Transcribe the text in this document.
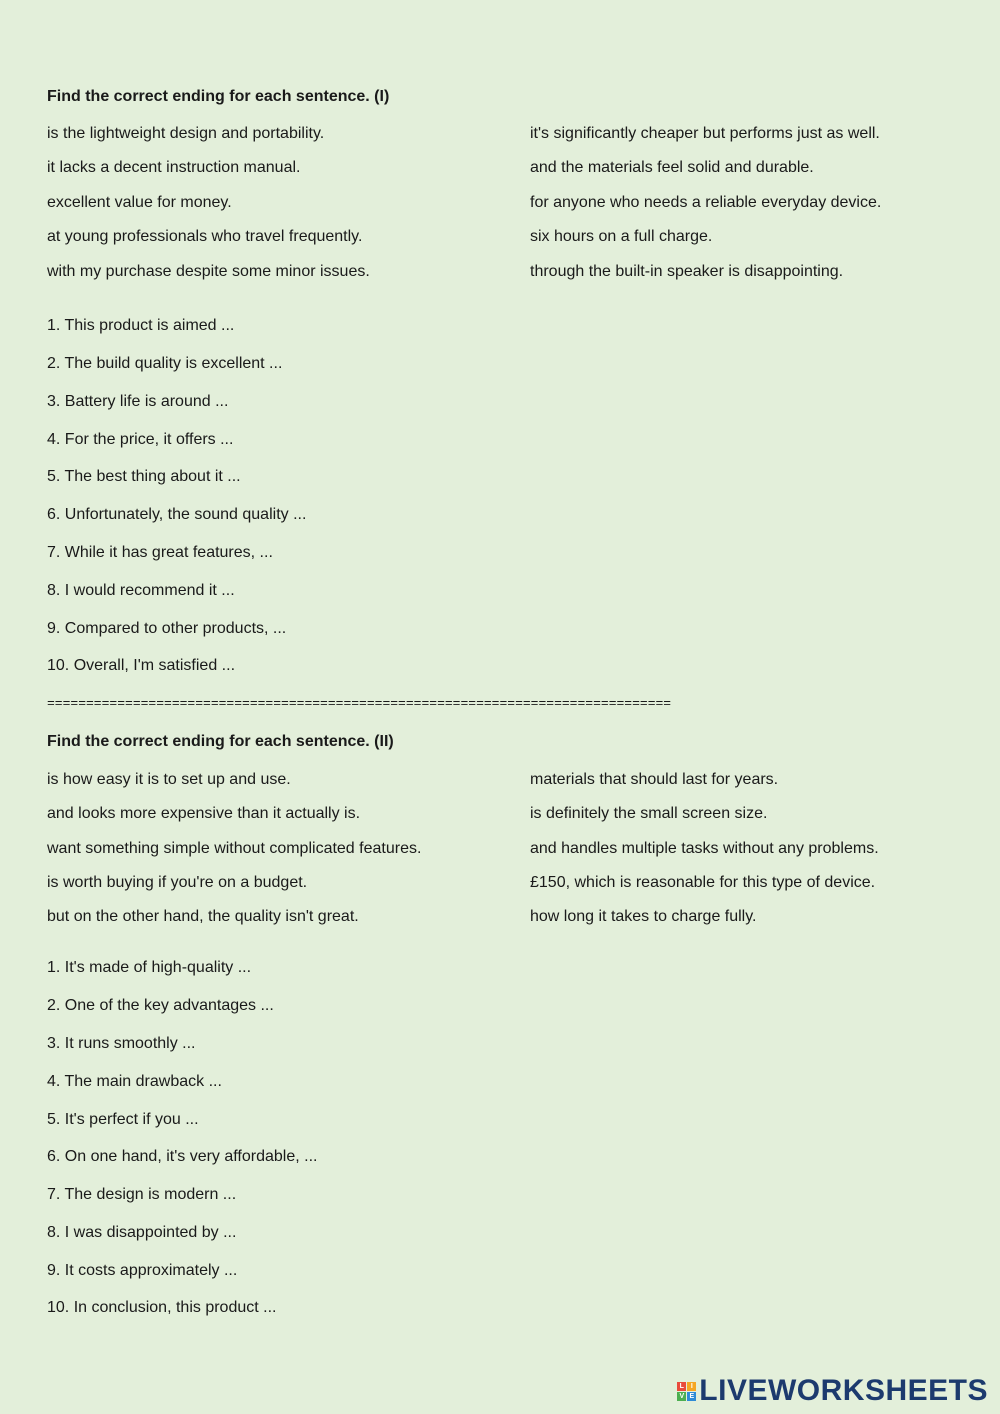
Find the correct ending for each sentence. (I)
is the lightweight design and portability.
it lacks a decent instruction manual.
excellent value for money.
at young professionals who travel frequently.
with my purchase despite some minor issues.
it's significantly cheaper but performs just as well.
and the materials feel solid and durable.
for anyone who needs a reliable everyday device.
six hours on a full charge.
through the built-in speaker is disappointing.
1. This product is aimed ...
2. The build quality is excellent ...
3. Battery life is around ...
4. For the price, it offers ...
5. The best thing about it ...
6. Unfortunately, the sound quality ...
7. While it has great features, ...
8. I would recommend it ...
9. Compared to other products, ...
10. Overall, I'm satisfied ...
================================================================================
Find the correct ending for each sentence. (II)
is how easy it is to set up and use.
and looks more expensive than it actually is.
want something simple without complicated features.
is worth buying if you're on a budget.
but on the other hand, the quality isn't great.
materials that should last for years.
is definitely the small screen size.
and handles multiple tasks without any problems.
£150, which is reasonable for this type of device.
how long it takes to charge fully.
1. It's made of high-quality ...
2. One of the key advantages ...
3. It runs smoothly ...
4. The main drawback ...
5. It's perfect if you ...
6. On one hand, it's very affordable, ...
7. The design is modern ...
8. I was disappointed by ...
9. It costs approximately ...
10. In conclusion, this product ...
L I
V E LIVEWORKSHEETS
